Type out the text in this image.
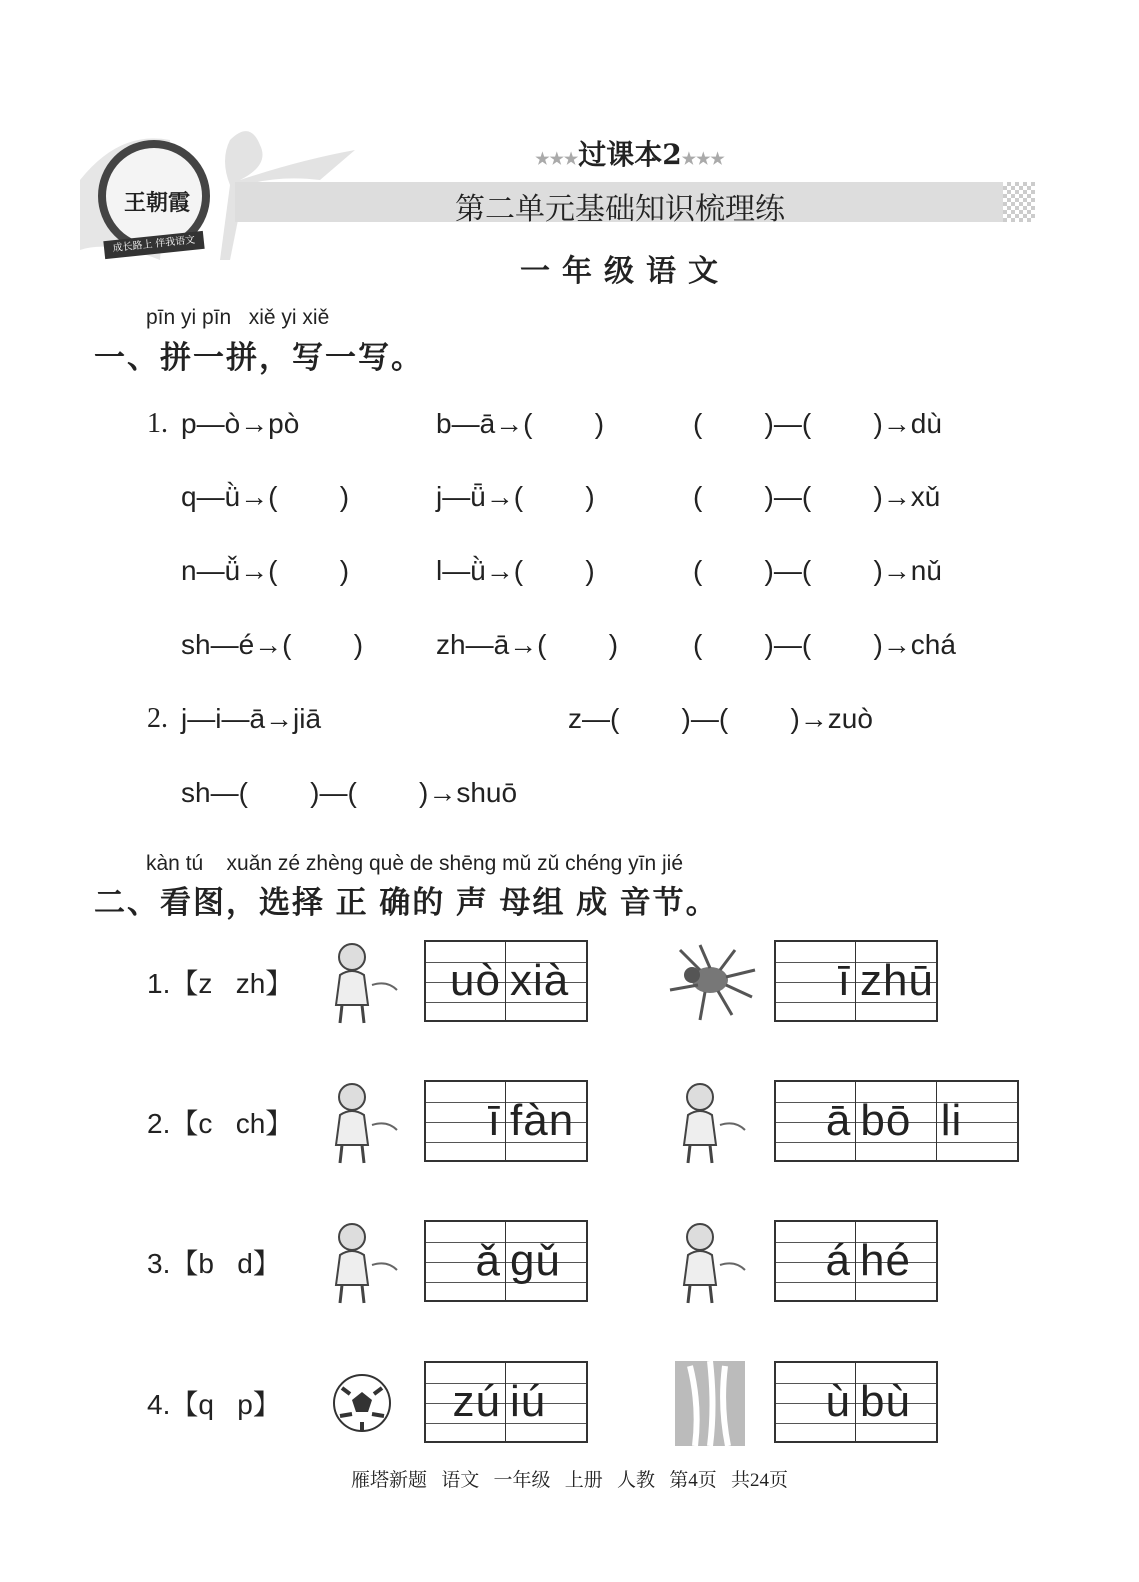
王朝霞
成长路上 伴我语文
★★★过课本2★★★
第二单元基础知识梳理练
一年级语文
pīn yi pīn   xiě yi xiě
一、拼一拼，写一写。
1. p—ò→pò	b—ā→(        )	(        )—(        )→dù
q—ǜ→(        )	j—ǖ→(        )	(        )—(        )→xǔ
n—ǚ→(        )	l—ǜ→(        )	(        )—(        )→nǔ
sh—é→(        )	zh—ā→(        )	(        )—(        )→chá
2. j—i—ā→jiā	z—(        )—(        )→zuò
sh—(        )—(        )→shuō
kàn tú    xuǎn zé zhèng què de shēng mǔ zǔ chéng yīn jié
二、看图，选择 正 确的 声 母组 成 音节。
1.【z   zh】	uò xià	ī zhū
2.【c   ch】	ī fàn	ā bō li
3.【b   d】	ǎ gǔ	á hé
4.【q   p】	zú iú	ù bù
雁塔新题   语文   一年级   上册   人教   第4页   共24页
